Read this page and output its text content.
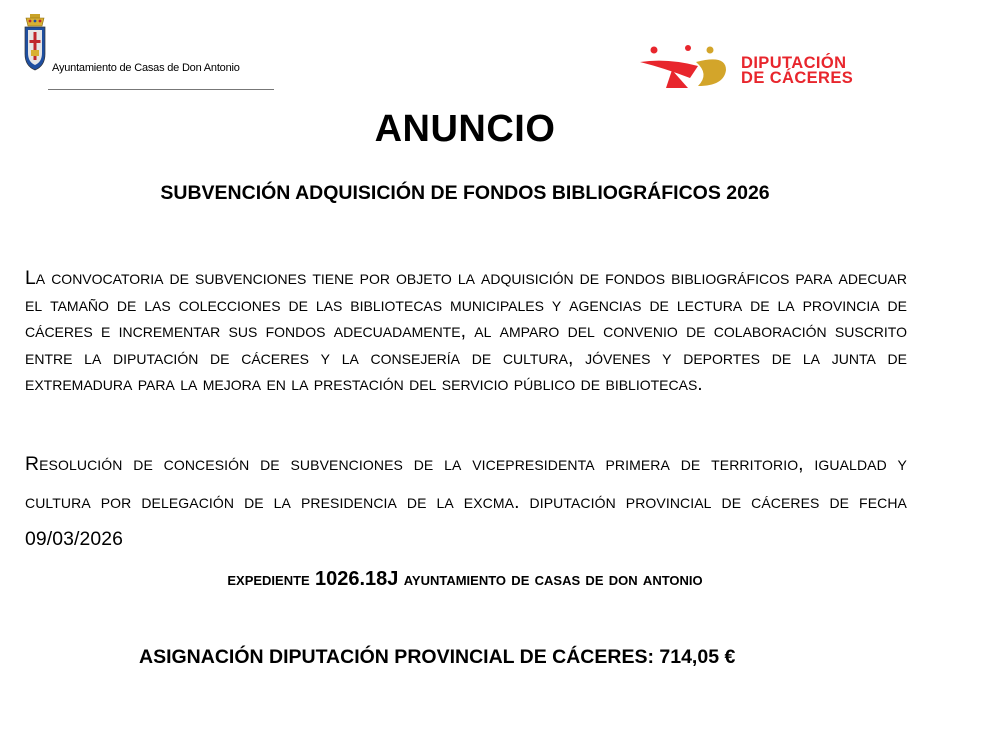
Ayuntamiento de Casas de Don Antonio	DIPUTACIÓN
DE CÁCERES
ANUNCIO
SUBVENCIÓN ADQUISICIÓN DE FONDOS BIBLIOGRÁFICOS 2026
La convocatoria de subvenciones tiene por objeto la adquisición de fondos bibliográficos para adecuar el tamaño de las colecciones de las bibliotecas municipales y agencias de lectura de la provincia de cáceres e incrementar sus fondos adecuadamente, al amparo del convenio de colaboración suscrito entre la diputación de cáceres y la consejería de cultura, jóvenes y deportes de la junta de extremadura para la mejora en la prestación del servicio público de bibliotecas.
Resolución de concesión de subvenciones de la vicepresidenta primera de territorio, igualdad y cultura por delegación de la presidencia de la excma. diputación provincial de cáceres de fecha 09/03/2026
expediente 1026.18J ayuntamiento de casas de don antonio
ASIGNACIÓN DIPUTACIÓN PROVINCIAL DE CÁCERES: 714,05 €
